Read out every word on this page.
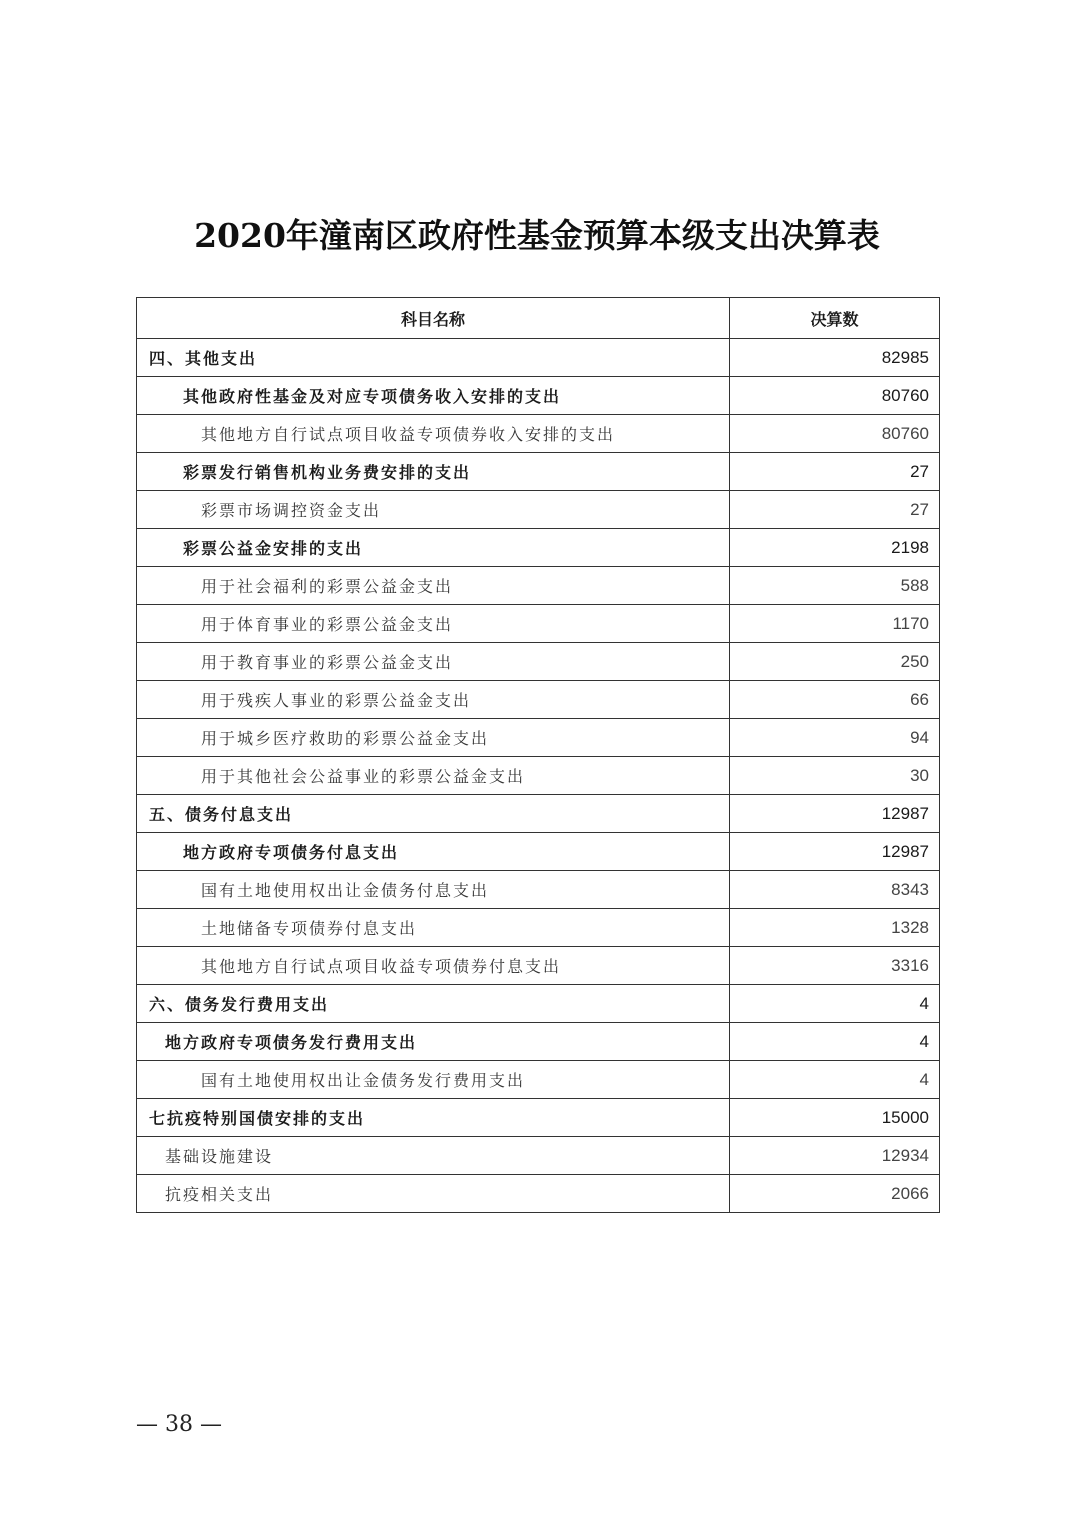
2020年潼南区政府性基金预算本级支出决算表
科目名称	决算数
四、其他支出	82985
其他政府性基金及对应专项债务收入安排的支出	80760
其他地方自行试点项目收益专项债券收入安排的支出	80760
彩票发行销售机构业务费安排的支出	27
彩票市场调控资金支出	27
彩票公益金安排的支出	2198
用于社会福利的彩票公益金支出	588
用于体育事业的彩票公益金支出	1170
用于教育事业的彩票公益金支出	250
用于残疾人事业的彩票公益金支出	66
用于城乡医疗救助的彩票公益金支出	94
用于其他社会公益事业的彩票公益金支出	30
五、债务付息支出	12987
地方政府专项债务付息支出	12987
国有土地使用权出让金债务付息支出	8343
土地储备专项债券付息支出	1328
其他地方自行试点项目收益专项债券付息支出	3316
六、债务发行费用支出	4
地方政府专项债务发行费用支出	4
国有土地使用权出让金债务发行费用支出	4
七抗疫特别国债安排的支出	15000
基础设施建设	12934
抗疫相关支出	2066
— 38 —
